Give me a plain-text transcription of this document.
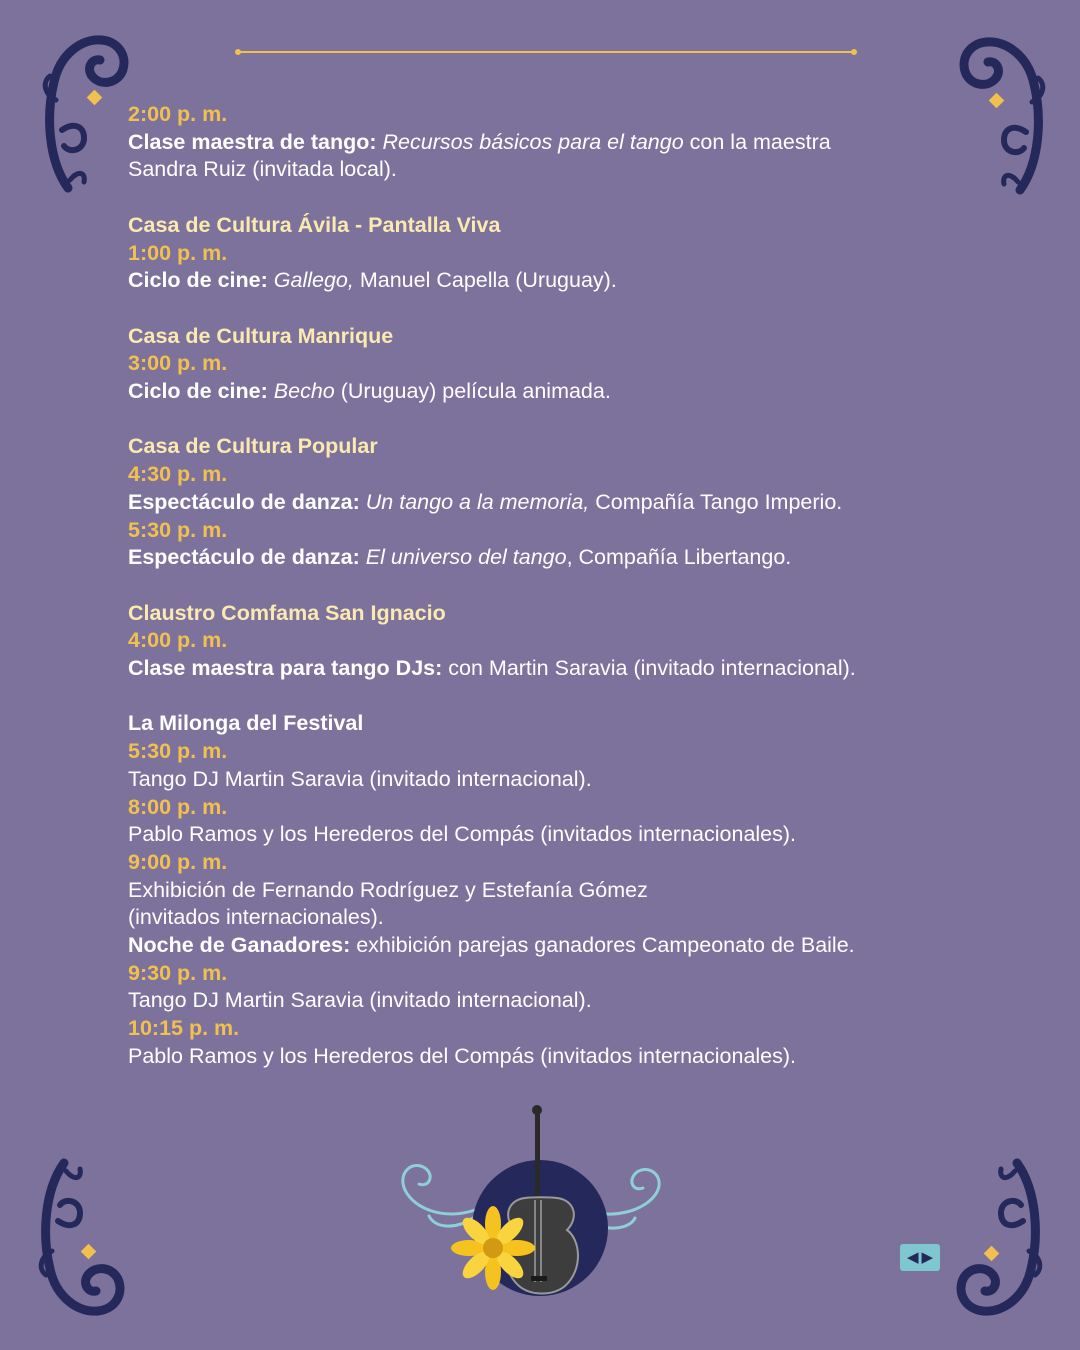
2:00 p. m.
Clase maestra de tango: Recursos básicos para el tango con la maestra
Sandra Ruiz (invitada local).
Casa de Cultura Ávila - Pantalla Viva
1:00 p. m.
Ciclo de cine: Gallego, Manuel Capella (Uruguay).
Casa de Cultura Manrique
3:00 p. m.
Ciclo de cine: Becho (Uruguay) película animada.
Casa de Cultura Popular
4:30 p. m.
Espectáculo de danza: Un tango a la memoria, Compañía Tango Imperio.
5:30 p. m.
Espectáculo de danza: El universo del tango, Compañía Libertango.
Claustro Comfama San Ignacio
4:00 p. m.
Clase maestra para tango DJs: con Martin Saravia (invitado internacional).
La Milonga del Festival
5:30 p. m.
Tango DJ Martin Saravia (invitado internacional).
8:00 p. m.
Pablo Ramos y los Herederos del Compás (invitados internacionales).
9:00 p. m.
Exhibición de Fernando Rodríguez y Estefanía Gómez
(invitados internacionales).
Noche de Ganadores: exhibición parejas ganadores Campeonato de Baile.
9:30 p. m.
Tango DJ Martin Saravia (invitado internacional).
10:15 p. m.
Pablo Ramos y los Herederos del Compás (invitados internacionales).
◀ ▶
